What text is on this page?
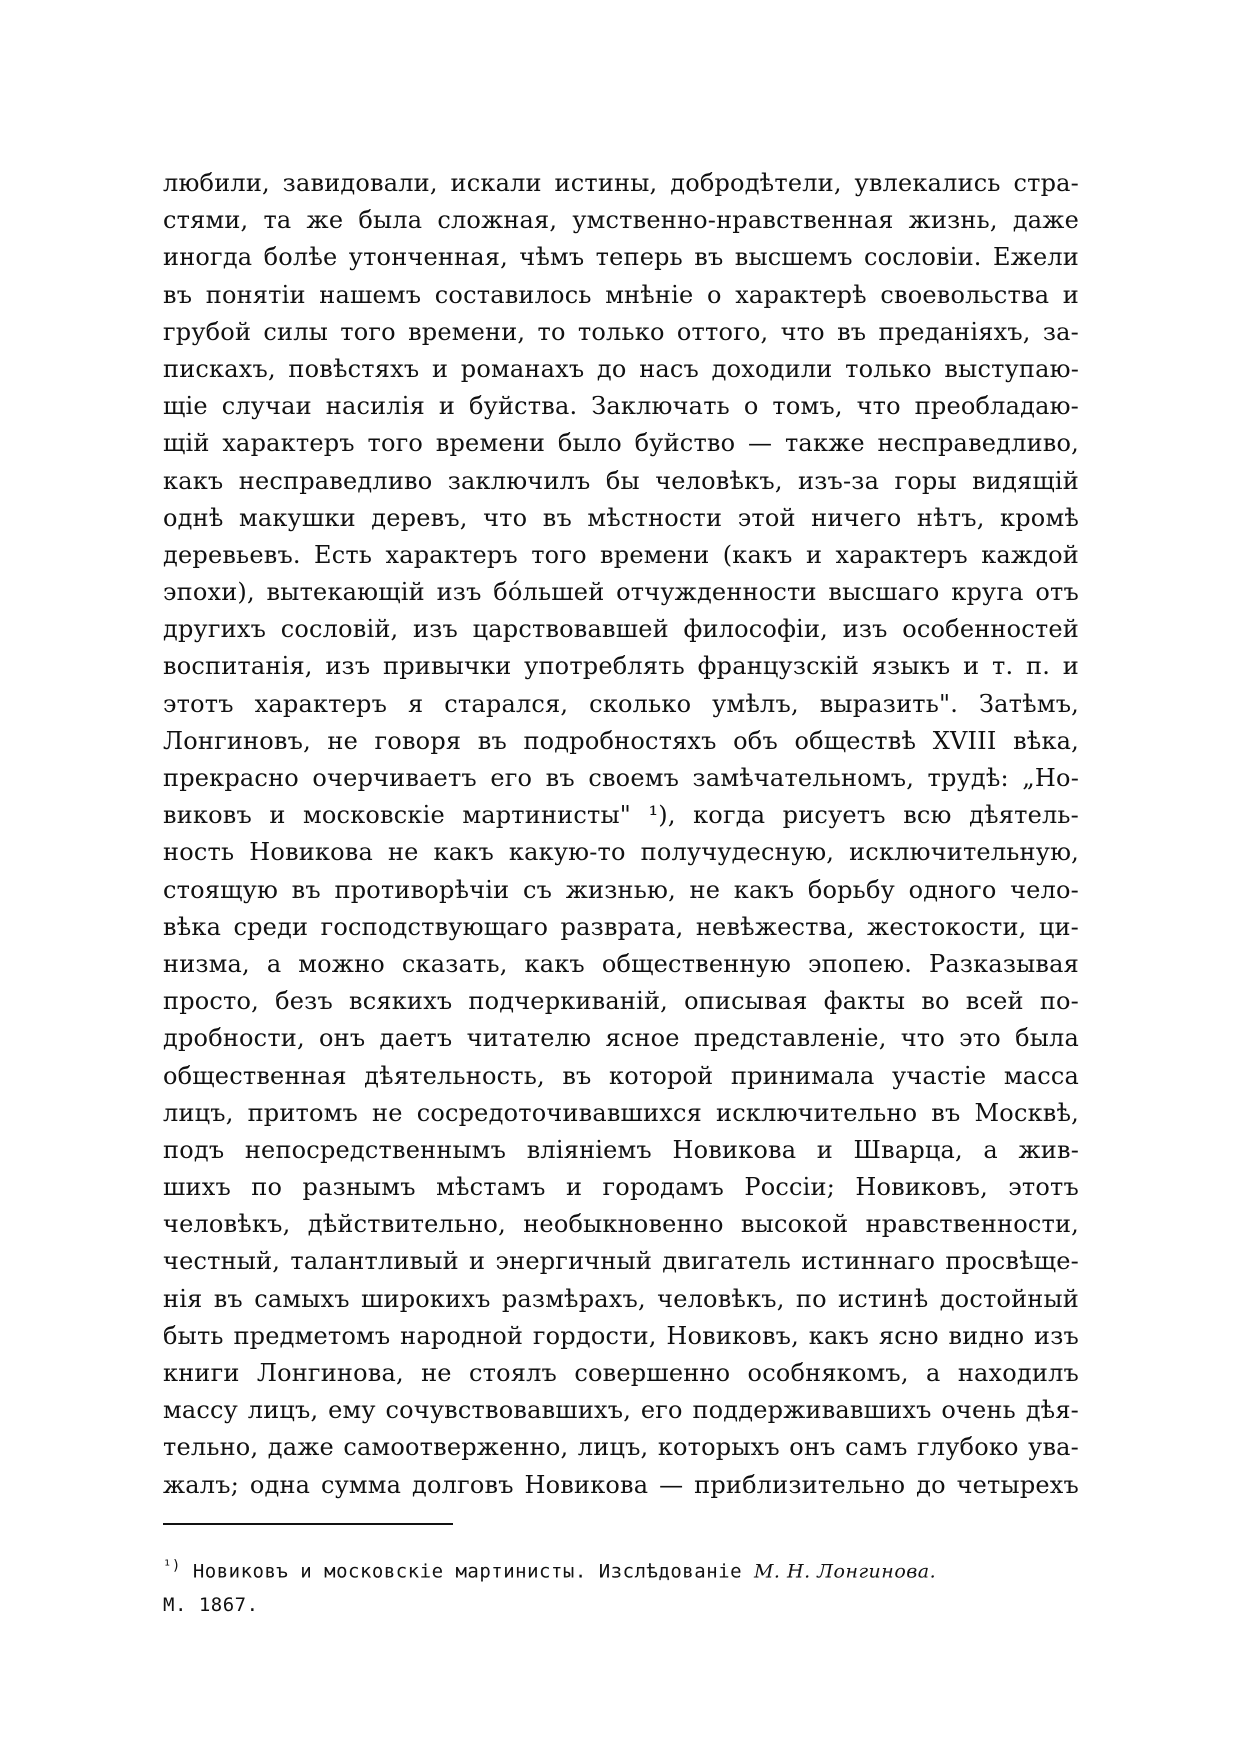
любили, завидовали, искали истины, добродѣтели, увлекались стра-
стями, та же была сложная, умственно-нравственная жизнь, даже
иногда болѣе утонченная, чѣмъ теперь въ высшемъ сословіи. Ежели
въ понятіи нашемъ составилось мнѣніе о характерѣ своевольства и
грубой силы того времени, то только оттого, что въ преданіяхъ, за-
пискахъ, повѣстяхъ и романахъ до насъ доходили только выступаю-
щіе случаи насилія и буйства. Заключать о томъ, что преобладаю-
щій характеръ того времени было буйство — также несправедливо,
какъ несправедливо заключилъ бы человѣкъ, изъ-за горы видящій
однѣ макушки деревъ, что въ мѣстности этой ничего нѣтъ, кромѣ
деревьевъ. Есть характеръ того времени (какъ и характеръ каждой
эпохи), вытекающій изъ бо́льшей отчужденности высшаго круга отъ
другихъ сословій, изъ царствовавшей философіи, изъ особенностей
воспитанія, изъ привычки употреблять французскій языкъ и т. п. и
этотъ характеръ я старался, сколько умѣлъ, выразить". Затѣмъ,
Лонгиновъ, не говоря въ подробностяхъ объ обществѣ XVIII вѣка,
прекрасно очерчиваетъ его въ своемъ замѣчательномъ, трудѣ: „Но-
виковъ и московскіе мартинисты" ¹), когда рисуетъ всю дѣятель-
ность Новикова не какъ какую-то получудесную, исключительную,
стоящую въ противорѣчіи съ жизнью, не какъ борьбу одного чело-
вѣка среди господствующаго разврата, невѣжества, жестокости, ци-
низма, а можно сказать, какъ общественную эпопею. Разказывая
просто, безъ всякихъ подчеркиваній, описывая факты во всей по-
дробности, онъ даетъ читателю ясное представленіе, что это была
общественная дѣятельность, въ которой принимала участіе масса
лицъ, притомъ не сосредоточивавшихся исключительно въ Москвѣ,
подъ непосредственнымъ вліяніемъ Новикова и Шварца, а жив-
шихъ по разнымъ мѣстамъ и городамъ Россіи; Новиковъ, этотъ
человѣкъ, дѣйствительно, необыкновенно высокой нравственности,
честный, талантливый и энергичный двигатель истиннаго просвѣще-
нія въ самыхъ широкихъ размѣрахъ, человѣкъ, по истинѣ достойный
быть предметомъ народной гордости, Новиковъ, какъ ясно видно изъ
книги Лонгинова, не стоялъ совершенно особнякомъ, а находилъ
массу лицъ, ему сочувствовавшихъ, его поддерживавшихъ очень дѣя-
тельно, даже самоотверженно, лицъ, которыхъ онъ самъ глубоко ува-
жалъ; одна сумма долговъ Новикова — приблизительно до четырехъ
$^{^1)}$ Новиковъ и московскіе мартинисты. Изслѣдованіе М. Н. Лонгинова.
М. 1867.
